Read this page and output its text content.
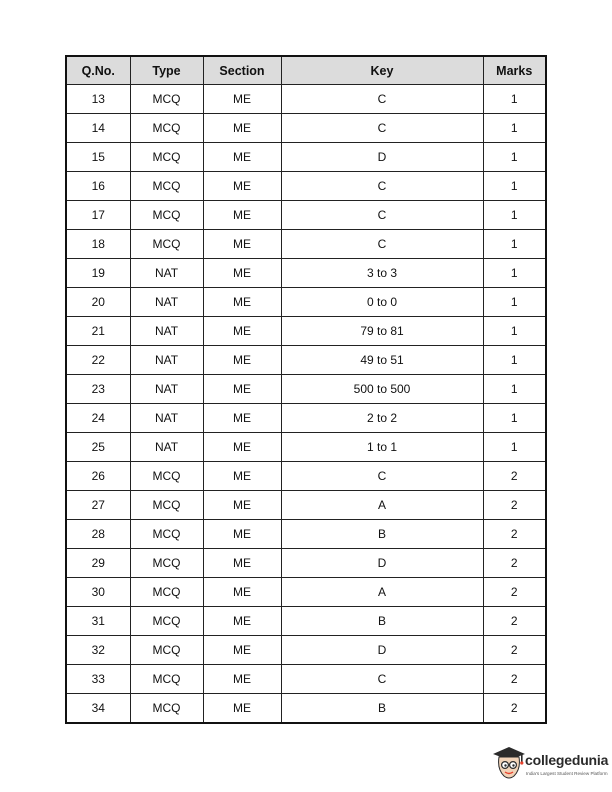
Q.No.	Type	Section	Key	Marks
13	MCQ	ME	C	1
14	MCQ	ME	C	1
15	MCQ	ME	D	1
16	MCQ	ME	C	1
17	MCQ	ME	C	1
18	MCQ	ME	C	1
19	NAT	ME	3 to 3	1
20	NAT	ME	0 to 0	1
21	NAT	ME	79 to 81	1
22	NAT	ME	49 to 51	1
23	NAT	ME	500 to 500	1
24	NAT	ME	2 to 2	1
25	NAT	ME	1 to 1	1
26	MCQ	ME	C	2
27	MCQ	ME	A	2
28	MCQ	ME	B	2
29	MCQ	ME	D	2
30	MCQ	ME	A	2
31	MCQ	ME	B	2
32	MCQ	ME	D	2
33	MCQ	ME	C	2
34	MCQ	ME	B	2
collegedunia
India's Largest Student Review Platform
